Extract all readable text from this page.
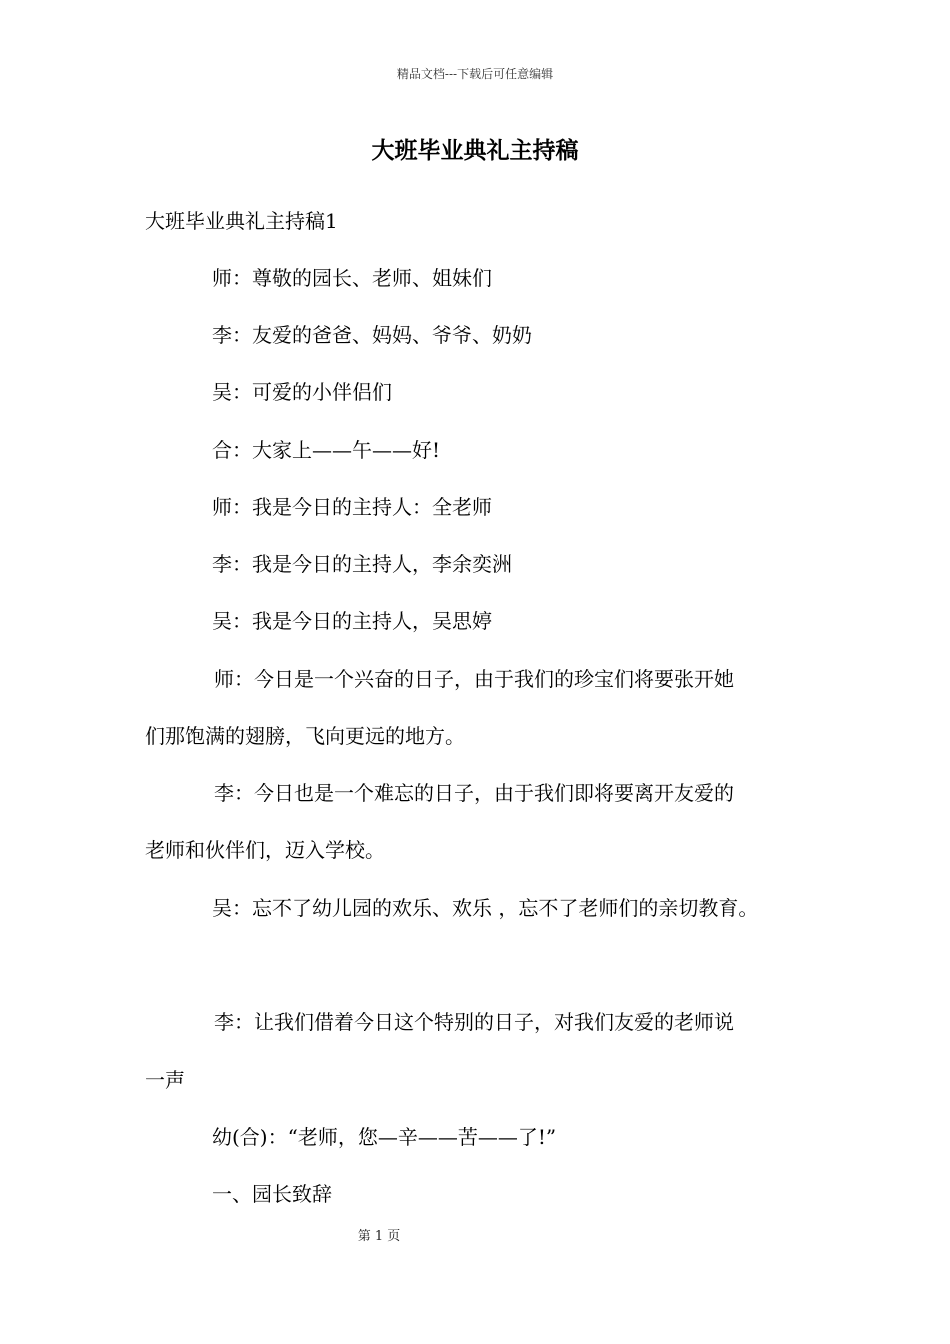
精品文档---下载后可任意编辑
大班毕业典礼主持稿
大班毕业典礼主持稿1
师：尊敬的园长、老师、姐妹们
李：友爱的爸爸、妈妈、爷爷、奶奶
吴：可爱的小伴侣们
合：大家上——午——好!
师：我是今日的主持人：全老师
李：我是今日的主持人，李余奕洲
吴：我是今日的主持人，吴思婷
师：今日是一个兴奋的日子，由于我们的珍宝们将要张开她
们那饱满的翅膀，飞向更远的地方。
李：今日也是一个难忘的日子，由于我们即将要离开友爱的
老师和伙伴们，迈入学校。
吴：忘不了幼儿园的欢乐、欢乐 ，忘不了老师们的亲切教育。
李：让我们借着今日这个特别的日子，对我们友爱的老师说
一声
幼(合)：“老师，您—辛——苦——了!”
一、园长致辞
第 1 页
